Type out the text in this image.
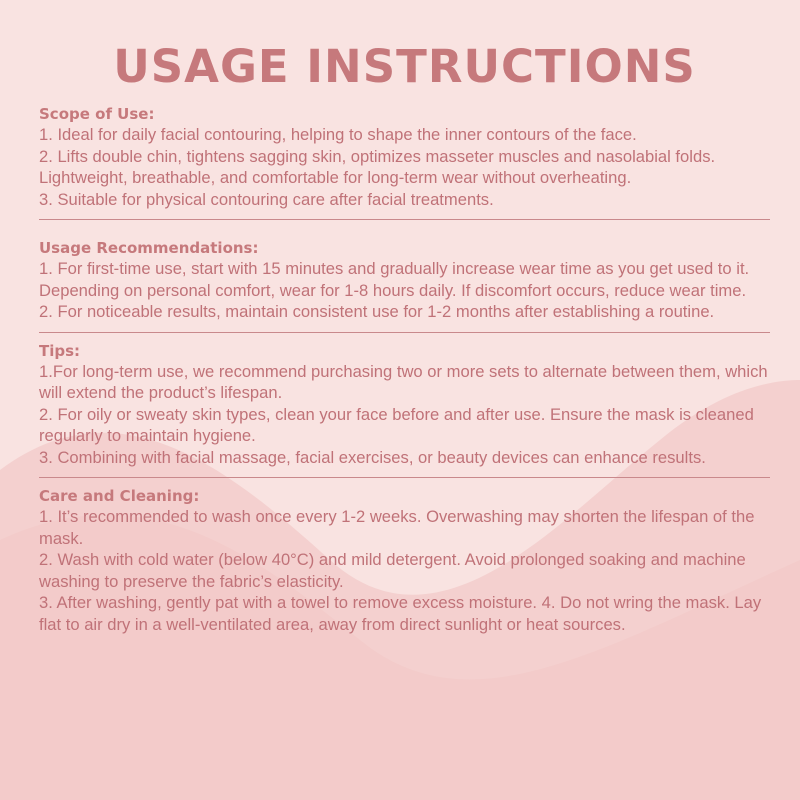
USAGE INSTRUCTIONS
Scope of Use:

1. Ideal for daily facial contouring, helping to shape the inner contours of the face.

2. Lifts double chin, tightens sagging skin, optimizes masseter muscles and nasolabial folds. Lightweight, breathable, and comfortable for long-term wear without overheating.

3. Suitable for physical contouring care after facial treatments.

Usage Recommendations:

1. For first-time use, start with 15 minutes and gradually increase wear time as you get used to it. Depending on personal comfort, wear for 1-8 hours daily. If discomfort occurs, reduce wear time.

2. For noticeable results, maintain consistent use for 1-2 months after establishing a routine.

Tips:

1.For long-term use, we recommend purchasing two or more sets to alternate between them, which will extend the product’s lifespan.

2. For oily or sweaty skin types, clean your face before and after use. Ensure the mask is cleaned regularly to maintain hygiene.

3. Combining with facial massage, facial exercises, or beauty devices can enhance results.

Care and Cleaning:

1. It’s recommended to wash once every 1-2 weeks. Overwashing may shorten the lifespan of the mask.

2. Wash with cold water (below 40°C) and mild detergent. Avoid prolonged soaking and machine washing to preserve the fabric’s elasticity.

3. After washing, gently pat with a towel to remove excess moisture. 4. Do not wring the mask. Lay flat to air dry in a well-ventilated area, away from direct sunlight or heat sources.
